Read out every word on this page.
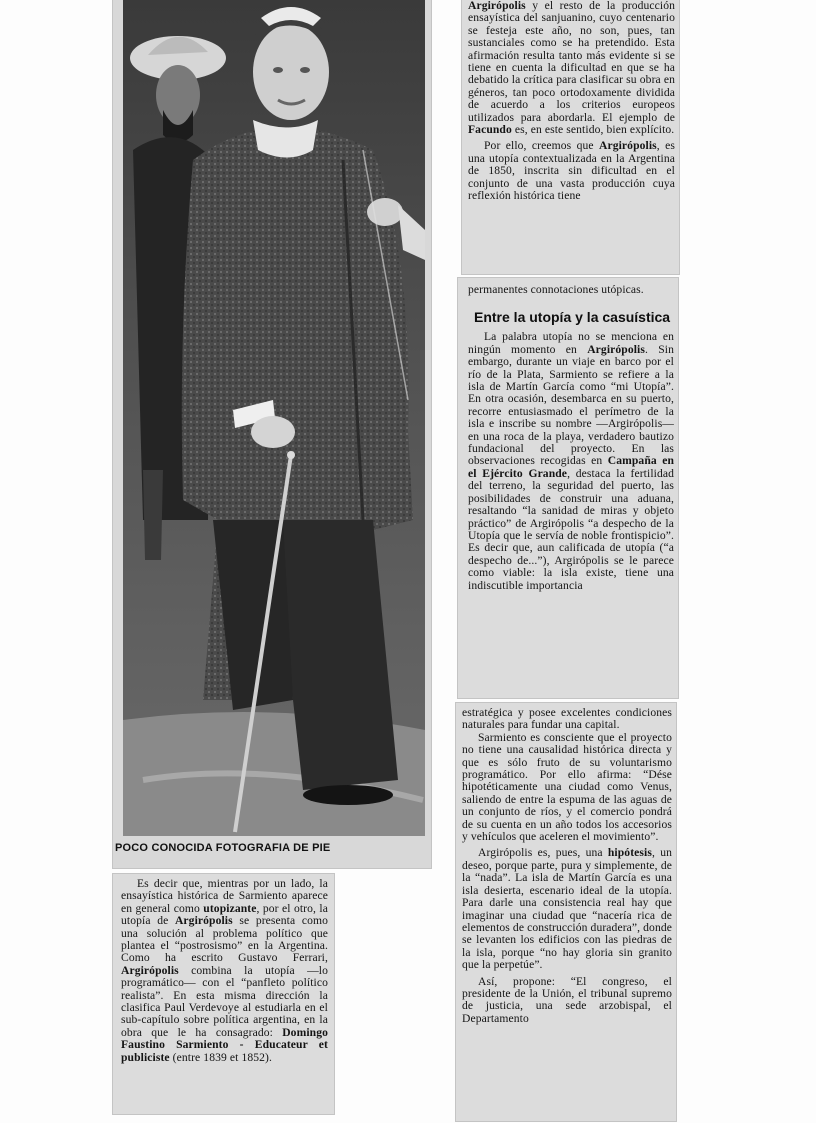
POCO CONOCIDA FOTOGRAFIA DE PIE

Es decir que, mientras por un lado, la ensayística histórica de Sarmiento aparece en general como utopizante, por el otro, la utopía de Argirópolis se presenta como una solución al problema político que plantea el “postrosismo” en la Argentina. Como ha escrito Gustavo Ferrari, Argirópolis combina la utopía —lo programático— con el “panfleto político realista”. En esta misma dirección la clasifica Paul Verdevoye al estudiarla en el sub-capítulo sobre política argentina, en la obra que le ha consagrado: Domingo Faustino Sarmiento - Educateur et publiciste (entre 1839 et 1852).

Argirópolis y el resto de la producción ensayística del sanjuanino, cuyo centenario se festeja este año, no son, pues, tan sustanciales como se ha pretendido. Esta afirmación resulta tanto más evidente si se tiene en cuenta la dificultad en que se ha debatido la crítica para clasificar su obra en géneros, tan poco ortodoxamente dividida de acuerdo a los criterios europeos utilizados para abordarla. El ejemplo de Facundo es, en este sentido, bien explícito.

Por ello, creemos que Argirópolis, es una utopía contextualizada en la Argentina de 1850, inscrita sin dificultad en el conjunto de una vasta producción cuya reflexión histórica tiene

permanentes connotaciones utópicas.

Entre la utopía y la casuística

La palabra utopía no se menciona en ningún momento en Argirópolis. Sin embargo, durante un viaje en barco por el río de la Plata, Sarmiento se refiere a la isla de Martín García como “mi Utopía”. En otra ocasión, desembarca en su puerto, recorre entusiasmado el perímetro de la isla e inscribe su nombre —Argirópolis— en una roca de la playa, verdadero bautizo fundacional del proyecto. En las observaciones recogidas en Campaña en el Ejército Grande, destaca la fertilidad del terreno, la seguridad del puerto, las posibilidades de construir una aduana, resaltando “la sanidad de miras y objeto práctico” de Argirópolis “a despecho de la Utopía que le servía de noble frontispicio”. Es decir que, aun calificada de utopía (“a despecho de...”), Argirópolis se le parece como viable: la isla existe, tiene una indiscutible importancia

estratégica y posee excelentes condiciones naturales para fundar una capital.

Sarmiento es consciente que el proyecto no tiene una causalidad histórica directa y que es sólo fruto de su voluntarismo programático. Por ello afirma: “Dése hipotéticamente una ciudad como Venus, saliendo de entre la espuma de las aguas de un conjunto de ríos, y el comercio pondrá de su cuenta en un año todos los accesorios y vehículos que aceleren el movimiento”.

Argirópolis es, pues, una hipótesis, un deseo, porque parte, pura y simplemente, de la “nada”. La isla de Martín García es una isla desierta, escenario ideal de la utopía. Para darle una consistencia real hay que imaginar una ciudad que “nacería rica de elementos de construcción duradera”, donde se levanten los edificios con las piedras de la isla, porque “no hay gloria sin granito que la perpetúe”.

Así, propone: “El congreso, el presidente de la Unión, el tribunal supremo de justicia, una sede arzobispal, el Departamento
